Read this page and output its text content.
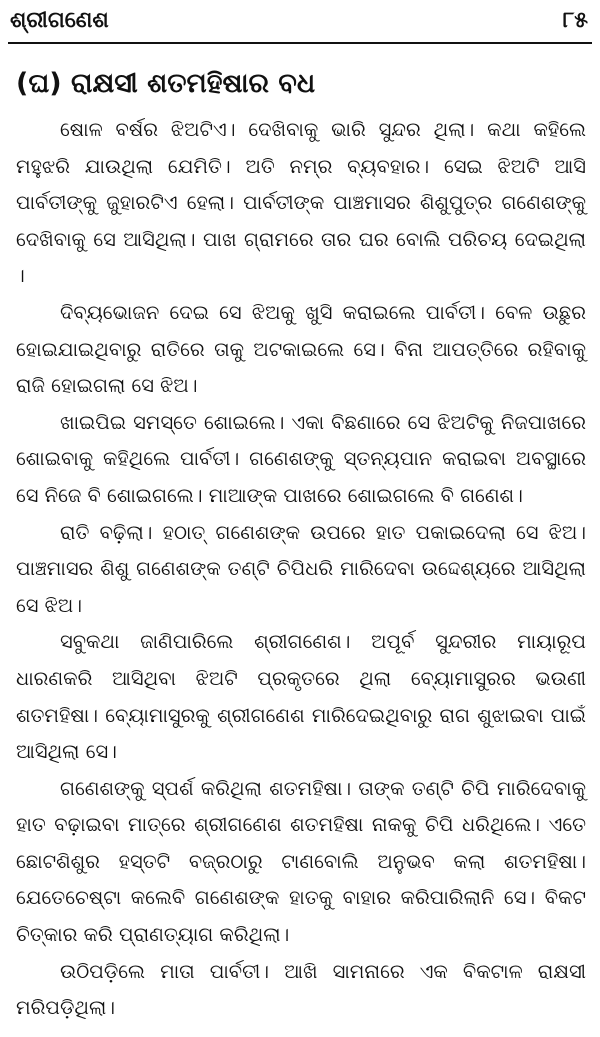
ଶ୍ରୀଗଣେଶ	୮୫
(ଘ) ରାକ୍ଷସୀ ଶତମହିଷାର ବଧ

ଷୋଳ ବର୍ଷର ଝିଅଟିଏ। ଦେଖିବାକୁ ଭାରି ସୁନ୍ଦର ଥିଲା। କଥା କହିଲେ ମହୁଝରି ଯାଉଥିଲା ଯେମିତି। ଅତି ନମ୍ର ବ୍ୟବହାର। ସେଇ ଝିଅଟି ଆସି ପାର୍ବତୀଙ୍କୁ ଜୁହାରଟିଏ ହେଲା। ପାର୍ବତୀଙ୍କ ପାଞ୍ଚମାସର ଶିଶୁପୁତ୍ର ଗଣେଶଙ୍କୁ ଦେଖିବାକୁ ସେ ଆସିଥିଲା। ପାଖ ଗ୍ରାମରେ ତାର ଘର ବୋଲି ପରିଚୟ ଦେଇଥିଲା ।

ଦିବ୍ୟଭୋଜନ ଦେଇ ସେ ଝିଅକୁ ଖୁସି କରାଇଲେ ପାର୍ବତୀ। ବେଳ ଉଛୁର ହୋଇଯାଇଥିବାରୁ ରାତିରେ ତାକୁ ଅଟକାଇଲେ ସେ। ବିନା ଆପତ୍ତିରେ ରହିବାକୁ ରାଜି ହୋଇଗଲା ସେ ଝିଅ।

ଖାଇପିଇ ସମସ୍ତେ ଶୋଇଲେ। ଏକା ବିଛଣାରେ ସେ ଝିଅଟିକୁ ନିଜପାଖରେ ଶୋଇବାକୁ କହିଥିଲେ ପାର୍ବତୀ। ଗଣେଶଙ୍କୁ ସ୍ତନ୍ୟପାନ କରାଇବା ଅବସ୍ଥାରେ ସେ ନିଜେ ବି ଶୋଇଗଲେ। ମାଆଙ୍କ ପାଖରେ ଶୋଇଗଲେ ବି ଗଣେଶ।

ରାତି ବଢ଼ିଲା। ହଠାତ୍ ଗଣେଶଙ୍କ ଉପରେ ହାତ ପକାଇଦେଲା ସେ ଝିଅ। ପାଞ୍ଚମାସର ଶିଶୁ ଗଣେଶଙ୍କ ତଣ୍ଟି ଚିପିଧରି ମାରିଦେବା ଉଦ୍ଦେଶ୍ୟରେ ଆସିଥିଲା ସେ ଝିଅ।

ସବୁକଥା ଜାଣିପାରିଲେ ଶ୍ରୀଗଣେଶ। ଅପୂର୍ବ ସୁନ୍ଦରୀର ମାୟାରୂପ ଧାରଣକରି ଆସିଥିବା ଝିଅଟି ପ୍ରକୃତରେ ଥିଲା ବ୍ୟୋମାସୁରର ଭଉଣୀ ଶତମହିଷା। ବ୍ୟୋମାସୁରକୁ ଶ୍ରୀଗଣେଶ ମାରିଦେଇଥିବାରୁ ରାଗ ଶୁଝାଇବା ପାଇଁ ଆସିଥିଲା ସେ।

ଗଣେଶଙ୍କୁ ସ୍ପର୍ଶ କରିଥିଲା ଶତମହିଷା। ତାଙ୍କ ତଣ୍ଟି ଚିପି ମାରିଦେବାକୁ ହାତ ବଢ଼ାଇବା ମାତ୍ରେ ଶ୍ରୀଗଣେଶ ଶତମହିଷା ନାକକୁ ଚିପି ଧରିଥିଲେ। ଏତେ ଛୋଟଶିଶୁର ହସ୍ତଟି ବଜ୍ରଠାରୁ ଟାଣବୋଲି ଅନୁଭବ କଲା ଶତମହିଷା। ଯେତେଚେଷ୍ଟା କଲେବି ଗଣେଶଙ୍କ ହାତକୁ ବାହାର କରିପାରିଲାନି ସେ। ବିକଟ ଚିତ୍କାର କରି ପ୍ରାଣତ୍ୟାଗ କରିଥିଲା।

ଉଠିପଡ଼ିଲେ ମାତା ପାର୍ବତୀ। ଆଖି ସାମନାରେ ଏକ ବିକଟାଳ ରାକ୍ଷସୀ ମରିପଡ଼ିଥିଲା।
